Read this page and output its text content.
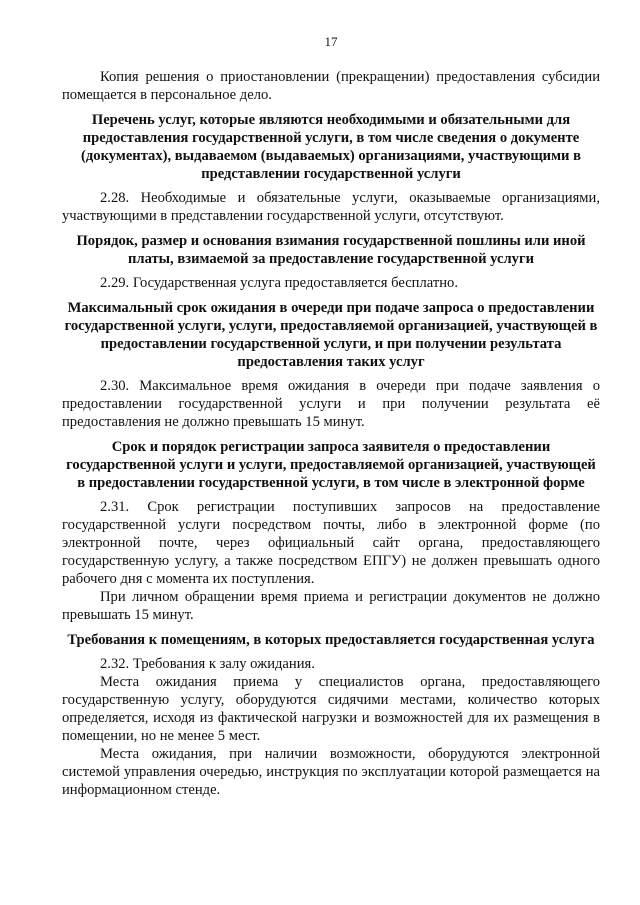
17
Копия решения о приостановлении (прекращении) предоставления субсидии помещается в персональное дело.
Перечень услуг, которые являются необходимыми и обязательными для предоставления государственной услуги, в том числе сведения о документе (документах), выдаваемом (выдаваемых) организациями, участвующими в представлении государственной услуги
2.28. Необходимые и обязательные услуги, оказываемые организациями, участвующими в представлении государственной услуги, отсутствуют.
Порядок, размер и основания взимания государственной пошлины или иной платы, взимаемой за предоставление государственной услуги
2.29. Государственная услуга предоставляется бесплатно.
Максимальный срок ожидания в очереди при подаче запроса о предоставлении государственной услуги, услуги, предоставляемой организацией, участвующей в предоставлении государственной услуги, и при получении результата предоставления таких услуг
2.30. Максимальное время ожидания в очереди при подаче заявления о предоставлении государственной услуги и при получении результата её предоставления не должно превышать 15 минут.
Срок и порядок регистрации запроса заявителя о предоставлении государственной услуги и услуги, предоставляемой организацией, участвующей в предоставлении государственной услуги, в том числе в электронной форме
2.31. Срок регистрации поступивших запросов на предоставление государственной услуги посредством почты, либо в электронной форме (по электронной почте, через официальный сайт органа, предоставляющего государственную услугу, а также посредством ЕПГУ) не должен превышать одного рабочего дня с момента их поступления.
При личном обращении время приема и регистрации документов не должно превышать 15 минут.
Требования к помещениям, в которых предоставляется государственная услуга
2.32. Требования к залу ожидания.
Места ожидания приема у специалистов органа, предоставляющего государственную услугу, оборудуются сидячими местами, количество которых определяется, исходя из фактической нагрузки и возможностей для их размещения в помещении, но не менее 5 мест.
Места ожидания, при наличии возможности, оборудуются электронной системой управления очередью, инструкция по эксплуатации которой размещается на информационном стенде.
